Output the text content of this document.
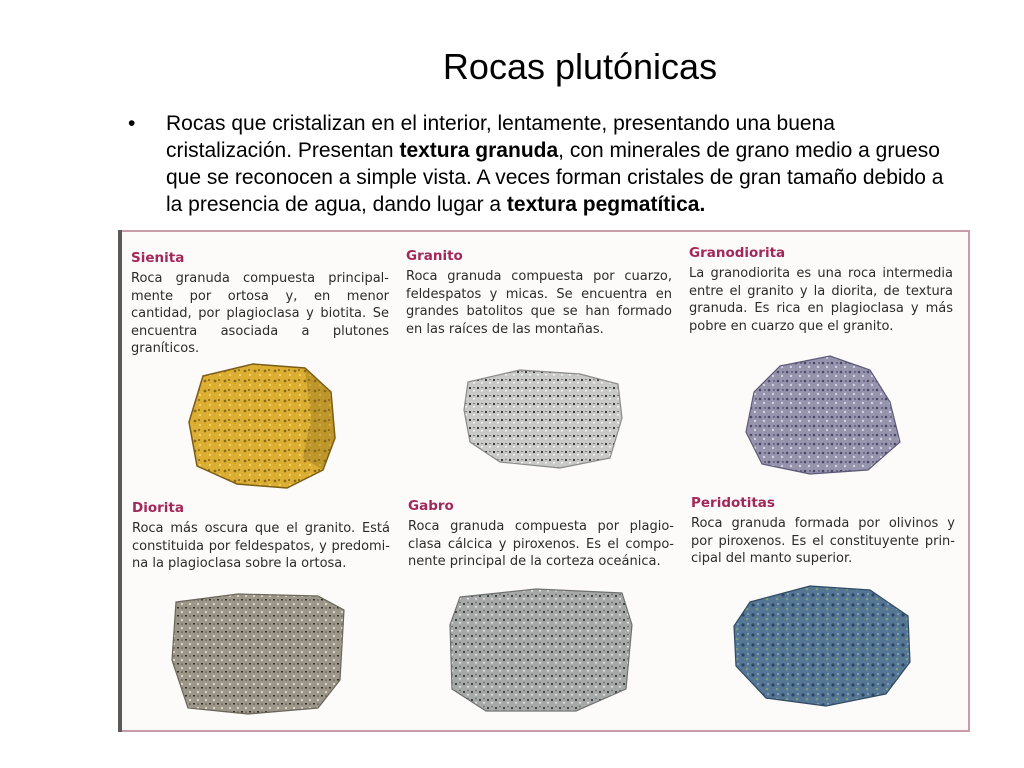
Rocas plutónicas
• Rocas que cristalizan en el interior, lentamente, presentando una buena cristalización. Presentan textura granuda, con minerales de grano medio a grueso que se reconocen a simple vista. A veces forman cristales de gran tamaño debido a la presencia de agua, dando lugar a textura pegmatítica.
Sienita

Roca granuda compuesta principalmente por ortosa y, en menor cantidad, por plagioclasa y biotita. Se encuentra asociada a plutones graníticos.

Granito

Roca granuda compuesta por cuarzo, feldespatos y micas. Se encuentra en grandes batolitos que se han formado en las raíces de las montañas.

Granodiorita

La granodiorita es una roca intermedia entre el granito y la diorita, de textura granuda. Es rica en plagioclasa y más pobre en cuarzo que el granito.

Diorita

Roca más oscura que el granito. Está constituida por feldespatos, y predomina la plagioclasa sobre la ortosa.

Gabro

Roca granuda compuesta por plagioclasa cálcica y piroxenos. Es el componente principal de la corteza oceánica.

Peridotitas

Roca granuda formada por olivinos y por piroxenos. Es el constituyente principal del manto superior.
